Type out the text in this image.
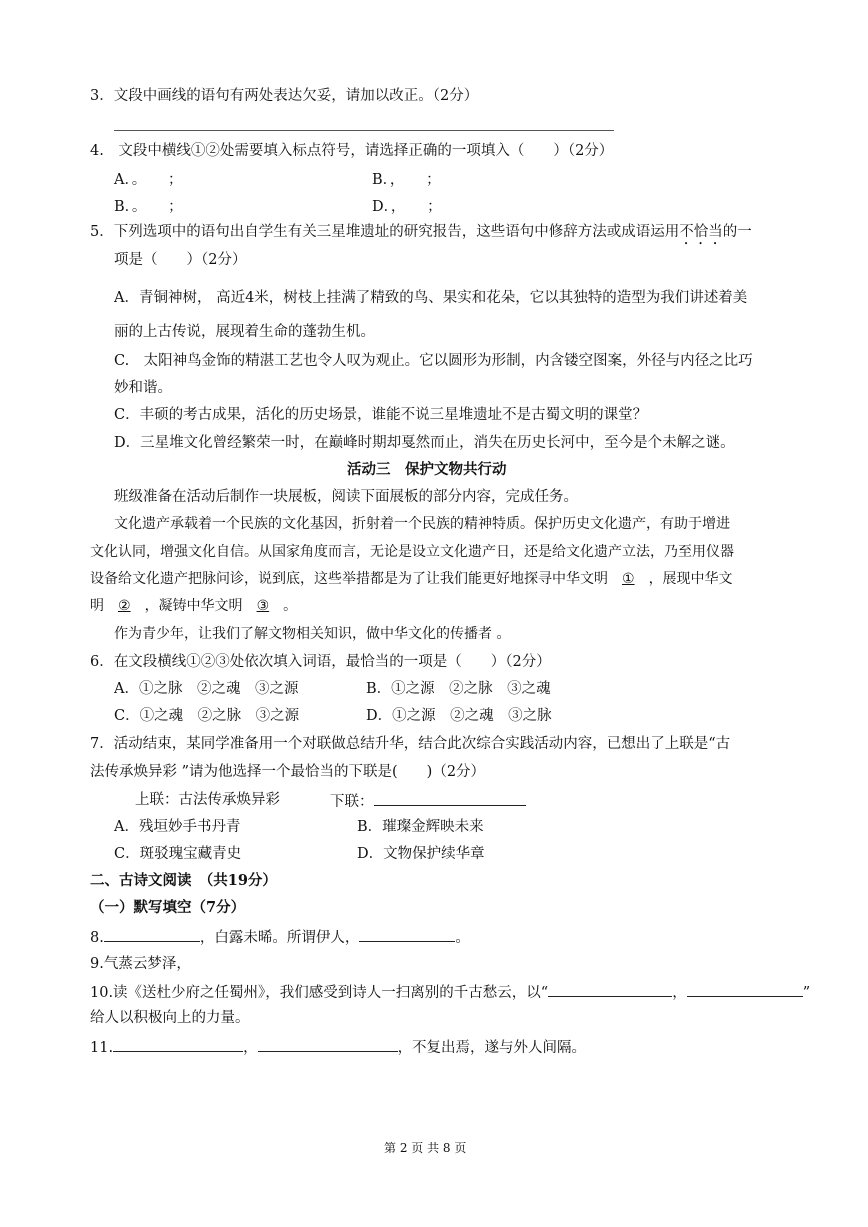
3．文段中画线的语句有两处表达欠妥，请加以改正。（2分）
4.　文段中横线①②处需要填入标点符号，请选择正确的一项填入（　　）（2分）
A．。　　；	B．，　　；
B．。　　；	D．，　　；
5．下列选项中的语句出自学生有关三星堆遗址的研究报告，这些语句中修辞方法或成语运用不恰当的一
项是（　　）（2分）
A．青铜神树， 高近4米，树枝上挂满了精致的鸟、果实和花朵，它以其独特的造型为我们讲述着美
丽的上古传说，展现着生命的蓬勃生机。
C.　太阳神鸟金饰的精湛工艺也令人叹为观止。它以圆形为形制，内含镂空图案，外径与内径之比巧
妙和谐。
C．丰硕的考古成果，活化的历史场景，谁能不说三星堆遗址不是古蜀文明的课堂？
D．三星堆文化曾经繁荣一时，在巅峰时期却戛然而止，消失在历史长河中，至今是个未解之谜。
活动三　保护文物共行动
班级准备在活动后制作一块展板，阅读下面展板的部分内容，完成任务。
文化遗产承载着一个民族的文化基因，折射着一个民族的精神特质。保护历史文化遗产，有助于增进
文化认同，增强文化自信。从国家角度而言，无论是设立文化遗产日，还是给文化遗产立法，乃至用仪器
设备给文化遗产把脉问诊，说到底，这些举措都是为了让我们能更好地探寻中华文明 ① ，展现中华文
明 ② ，凝铸中华文明 ③ 。
作为青少年，让我们了解文物相关知识，做中华文化的传播者 。
6．在文段横线①②③处依次填入词语，最恰当的一项是（　　）（2分）
A．①之脉　②之魂　③之源	B．①之源　②之脉　③之魂
C．①之魂　②之脉　③之源	D．①之源　②之魂　③之脉
7．活动结束，某同学准备用一个对联做总结升华，结合此次综合实践活动内容，已想出了上联是“古
法传承焕异彩 ”请为他选择一个最恰当的下联是(　　)（2分）
上联：古法传承焕异彩	下联：
A．残垣妙手书丹青	B．璀璨金辉映未来
C．斑驳瑰宝藏青史	D．文物保护续华章
二、古诗文阅读　（共19分）
（一）默写填空（7分）
8.	，白露未晞。所谓伊人，	。
9.气蒸云梦泽，
10.读《送杜少府之任蜀州》，我们感受到诗人一扫离别的千古愁云，以“	，	”
给人以积极向上的力量。
11.	，	，不复出焉，遂与外人间隔。
第 2 页 共 8 页
